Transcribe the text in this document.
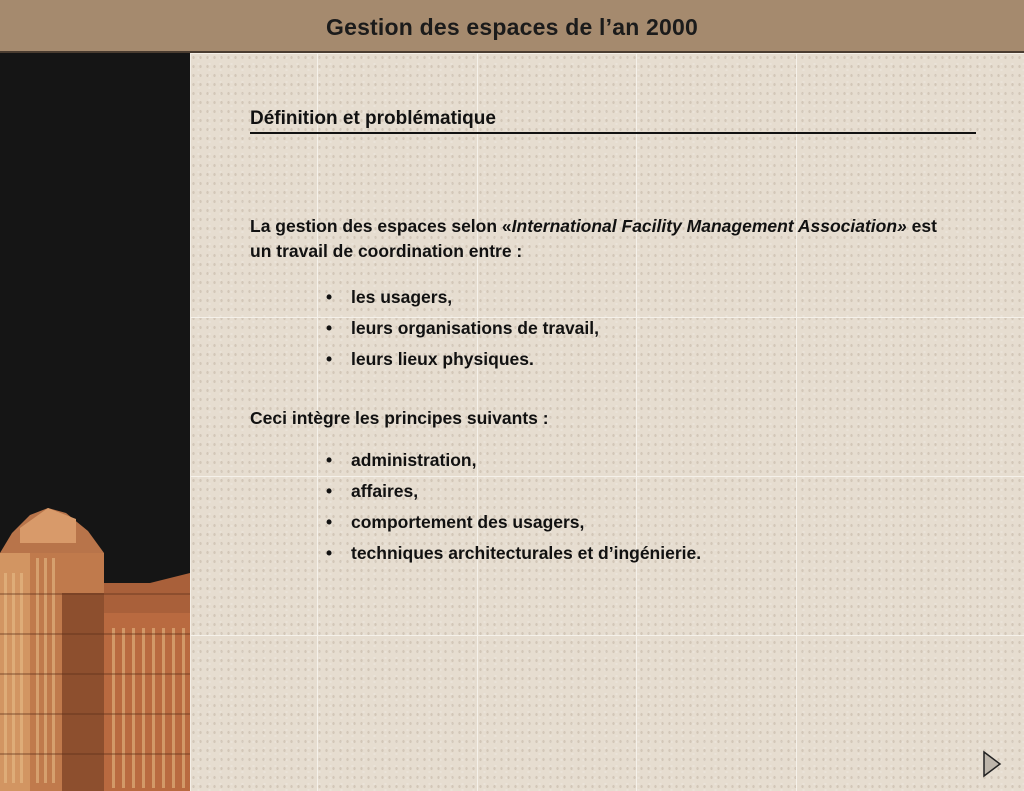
Gestion des espaces de l’an 2000
Définition et problématique
La gestion des espaces selon «International Facility Management Association» est un travail de coordination entre :
•	les usagers,
•	leurs organisations de travail,
•	leurs lieux physiques.
Ceci intègre les principes suivants :
•	administration,
•	affaires,
•	comportement des usagers,
•	techniques architecturales et d’ingénierie.
